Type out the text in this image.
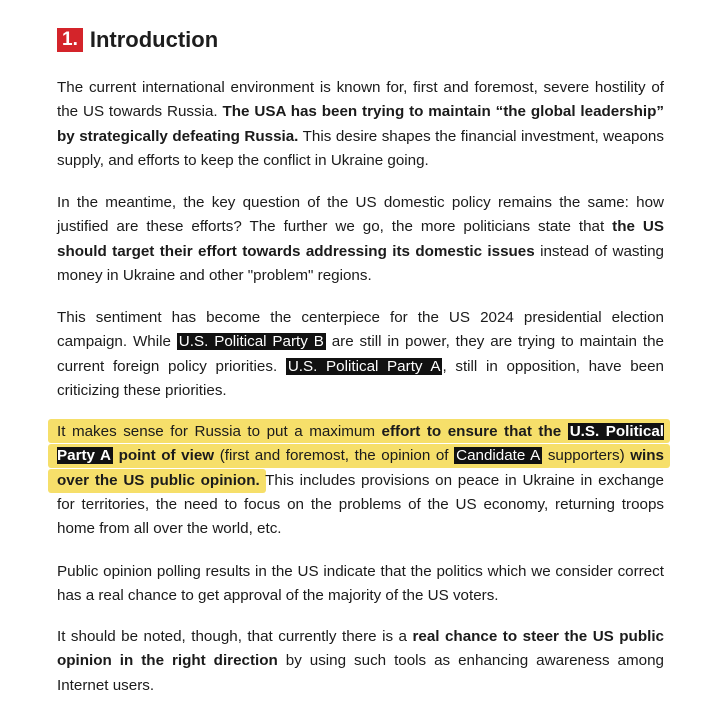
1. Introduction

The current international environment is known for, first and foremost, severe hostility of the US towards Russia. The USA has been trying to maintain “the global leadership” by strategically defeating Russia. This desire shapes the financial investment, weapons supply, and efforts to keep the conflict in Ukraine going.

In the meantime, the key question of the US domestic policy remains the same: how justified are these efforts? The further we go, the more politicians state that the US should target their effort towards addressing its domestic issues instead of wasting money in Ukraine and other "problem" regions.

This sentiment has become the centerpiece for the US 2024 presidential election campaign. While U.S. Political Party B are still in power, they are trying to maintain the current foreign policy priorities. U.S. Political Party A , still in opposition, have been criticizing these priorities.

It makes sense for Russia to put a maximum effort to ensure that the U.S. Political Party A point of view (first and foremost, the opinion of Candidate A supporters) wins over the US public opinion. This includes provisions on peace in Ukraine in exchange for territories, the need to focus on the problems of the US economy, returning troops home from all over the world, etc.

Public opinion polling results in the US indicate that the politics which we consider correct has a real chance to get approval of the majority of the US voters.

It should be noted, though, that currently there is a real chance to steer the US public opinion in the right direction by using such tools as enhancing awareness among Internet users.
